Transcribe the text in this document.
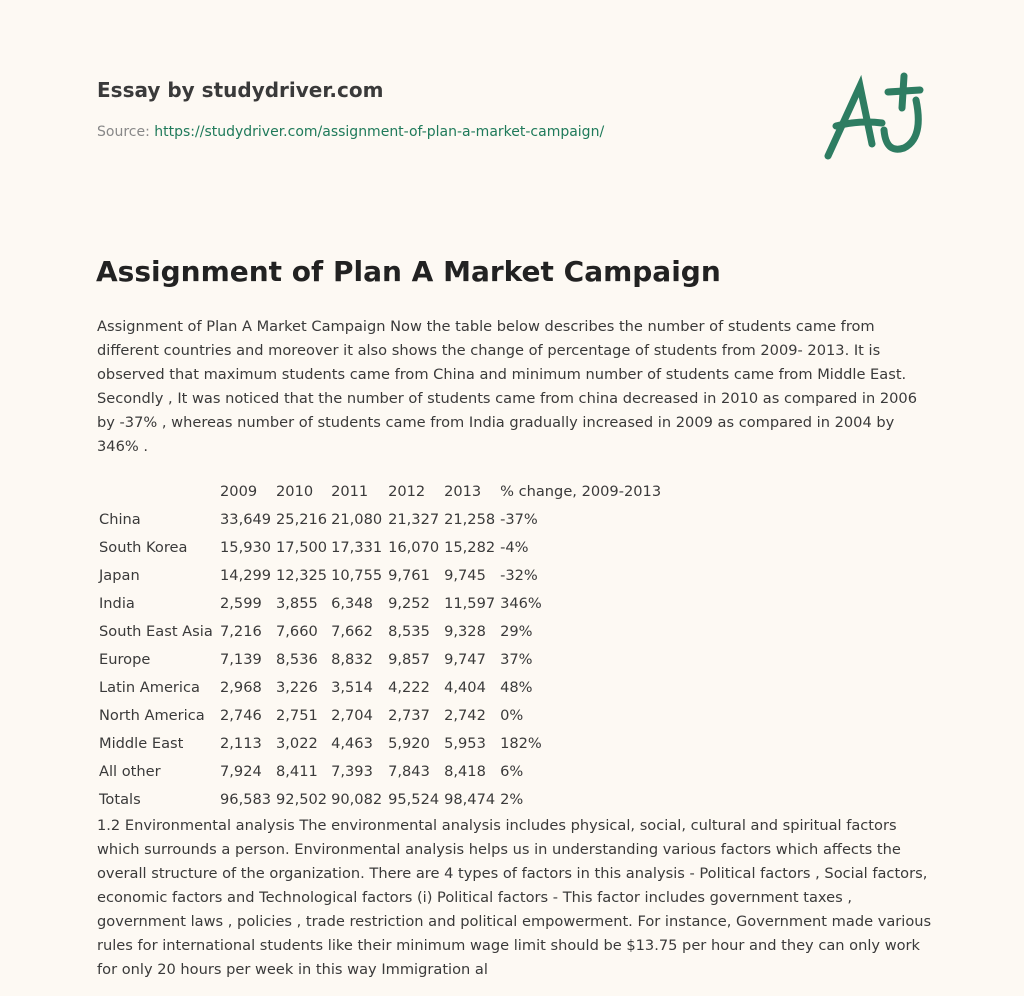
Essay by studydriver.com
Source: https://studydriver.com/assignment-of-plan-a-market-campaign/
Assignment of Plan A Market Campaign

Assignment of Plan A Market Campaign Now the table below describes the number of students came from different countries and moreover it also shows the change of percentage of students from 2009- 2013. It is observed that maximum students came from China and minimum number of students came from Middle East. Secondly , It was noticed that the number of students came from china decreased in 2010 as compared in 2006 by -37% , whereas number of students came from India gradually increased in 2009 as compared in 2004 by 346% .

	2009	2010	2011	2012	2013	% change, 2009-2013
China	33,649	25,216	21,080	21,327	21,258	-37%
South Korea	15,930	17,500	17,331	16,070	15,282	-4%
Japan	14,299	12,325	10,755	9,761	9,745	-32%
India	2,599	3,855	6,348	9,252	11,597	346%
South East Asia	7,216	7,660	7,662	8,535	9,328	29%
Europe	7,139	8,536	8,832	9,857	9,747	37%
Latin America	2,968	3,226	3,514	4,222	4,404	48%
North America	2,746	2,751	2,704	2,737	2,742	0%
Middle East	2,113	3,022	4,463	5,920	5,953	182%
All other	7,924	8,411	7,393	7,843	8,418	6%
Totals	96,583	92,502	90,082	95,524	98,474	2%

1.2 Environmental analysis The environmental analysis includes physical, social, cultural and spiritual factors which surrounds a person. Environmental analysis helps us in understanding various factors which affects the overall structure of the organization. There are 4 types of factors in this analysis - Political factors , Social factors, economic factors and Technological factors (i) Political factors - This factor includes government taxes , government laws , policies , trade restriction and political empowerment. For instance, Government made various rules for international students like their minimum wage limit should be $13.75 per hour and they can only work for only 20 hours per week in this way Immigration al
